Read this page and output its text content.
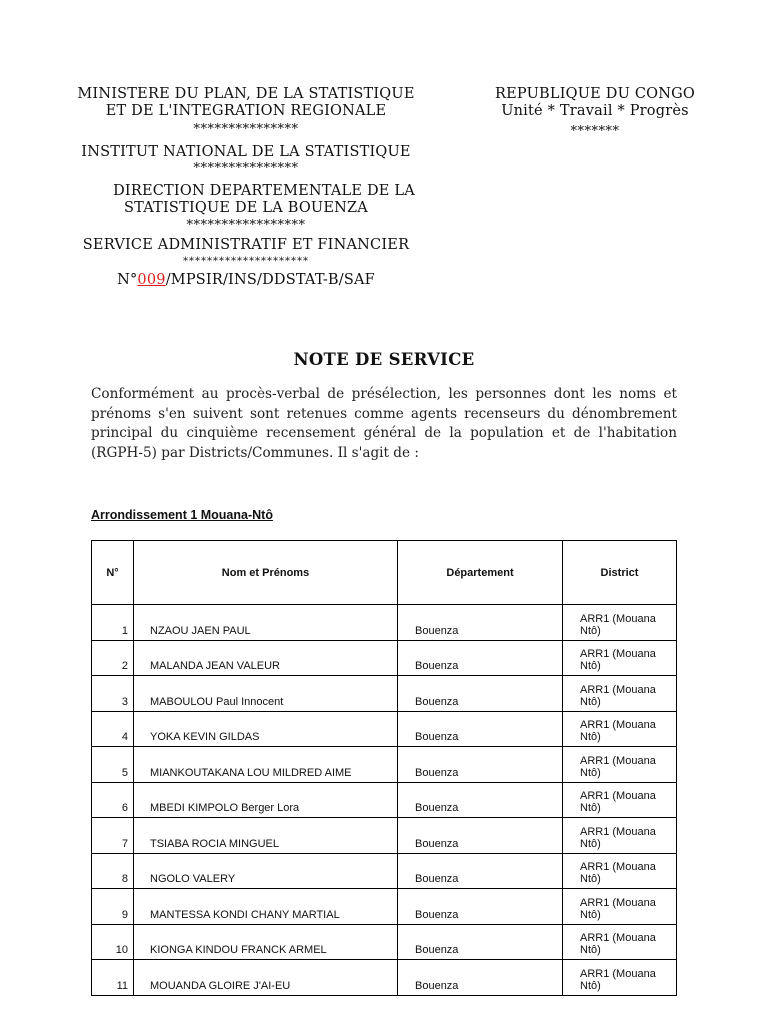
MINISTERE DU PLAN, DE LA STATISTIQUE
ET DE L'INTEGRATION REGIONALE
***************
INSTITUT NATIONAL DE LA STATISTIQUE
***************
DIRECTION DEPARTEMENTALE DE LA
STATISTIQUE DE LA BOUENZA
*****************
SERVICE ADMINISTRATIF ET FINANCIER
*********************
N°009/MPSIR/INS/DDSTAT-B/SAF
REPUBLIQUE DU CONGO
Unité * Travail * Progrès
*******
NOTE DE SERVICE
Conformément au procès-verbal de présélection, les personnes dont les noms et prénoms s'en suivent sont retenues comme agents recenseurs du dénombrement principal du cinquième recensement général de la population et de l'habitation (RGPH-5) par Districts/Communes. Il s'agit de :
Arrondissement 1 Mouana-Ntô
N°	Nom et Prénoms	Département	District
1	NZAOU JAEN PAUL	Bouenza	ARR1 (Mouana Ntô)
2	MALANDA JEAN VALEUR	Bouenza	ARR1 (Mouana Ntô)
3	MABOULOU Paul Innocent	Bouenza	ARR1 (Mouana Ntô)
4	YOKA KEVIN GILDAS	Bouenza	ARR1 (Mouana Ntô)
5	MIANKOUTAKANA LOU MILDRED AIME	Bouenza	ARR1 (Mouana Ntô)
6	MBEDI KIMPOLO Berger Lora	Bouenza	ARR1 (Mouana Ntô)
7	TSIABA ROCIA MINGUEL	Bouenza	ARR1 (Mouana Ntô)
8	NGOLO VALERY	Bouenza	ARR1 (Mouana Ntô)
9	MANTESSA KONDI CHANY MARTIAL	Bouenza	ARR1 (Mouana Ntô)
10	KIONGA KINDOU FRANCK ARMEL	Bouenza	ARR1 (Mouana Ntô)
11	MOUANDA GLOIRE J'AI-EU	Bouenza	ARR1 (Mouana Ntô)
